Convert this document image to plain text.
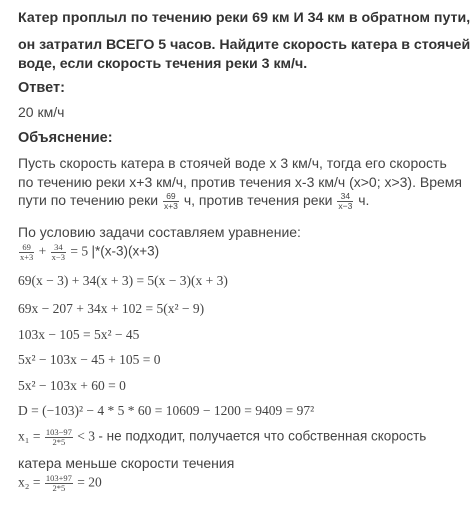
Катер проплыл по течению реки 69 км И 34 км в обратном пути,
он затратил ВСЕГО 5 часов. Найдите скорость катера в стоячей
воде, если скорость течения реки 3 км/ч.
Ответ:
20 км/ч
Объяснение:
Пусть скорость катера в стоячей воде х 3 км/ч, тогда его скорость
по течению реки х+3 км/ч, против течения х-3 км/ч (х>0; х>3). Время
пути по течению реки $\frac{69}{x+3} ч$, против течения реки $\frac{34}{x-3} ч$.
По условию задачи составляем уравнение:
$\frac{69}{x+3} + \frac{34}{x-3} = 5$ |*(х-3)(х+3)
69(x − 3) + 34(x + 3) = 5(x − 3)(x + 3)
69x − 207 + 34x + 102 = 5(x² − 9)
103x − 105 = 5x² − 45
5x² − 103x − 45 + 105 = 0
5x² − 103x + 60 = 0
D = (−103)² − 4 * 5 * 60 = 10609 − 1200 = 9409 = 97²
$x_1 = \frac{103-97}{2*5} < 3$ - не подходит, получается что собственная скорость
катера меньше скорости течения
$x_2 = \frac{103+97}{2*5} = 20$
